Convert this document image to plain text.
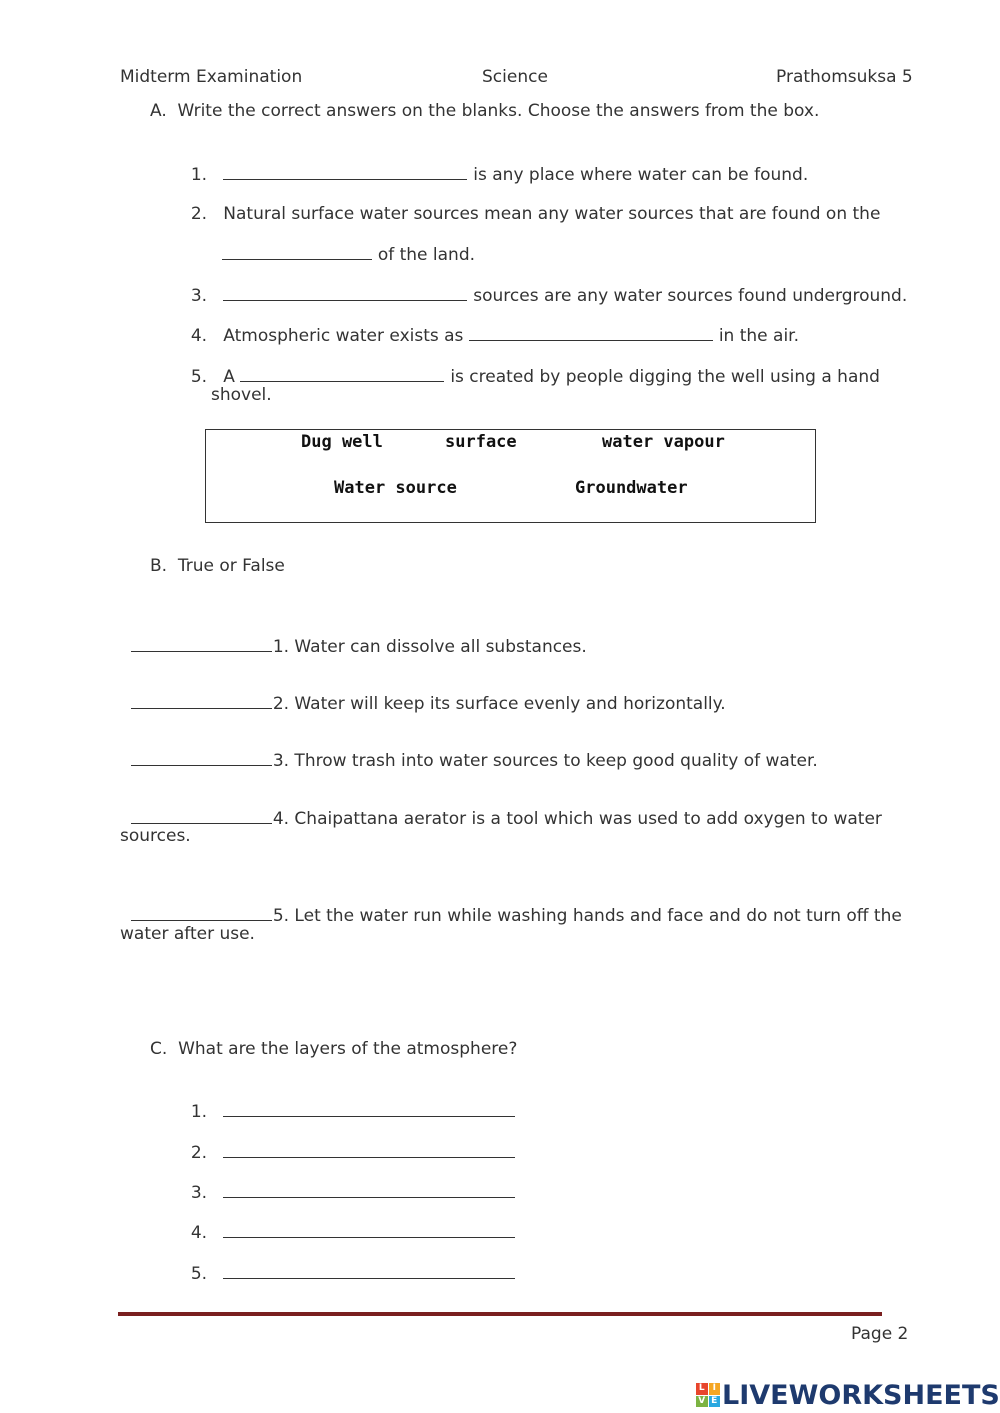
Midterm Examination	Science	Prathomsuksa 5
A.  Write the correct answers on the blanks. Choose the answers from the box.

1.	is any place where water can be found.

2. Natural surface water sources mean any water sources that are found on the

of the land.

3.	sources are any water sources found underground.

4. Atmospheric water exists as	in the air.

5. A	is created by people digging the well using a hand

shovel.
Dug well	surface	water vapour
Water source	Groundwater
B.  True or False

1. Water can dissolve all substances.

2. Water will keep its surface evenly and horizontally.

3. Throw trash into water sources to keep good quality of water.

4. Chaipattana aerator is a tool which was used to add oxygen to water

sources.

5. Let the water run while washing hands and face and do not turn off the

water after use.
C.  What are the layers of the atmosphere?

1.

2.

3.

4.

5.

Page 2
L I
V E LIVEWORKSHEETS
